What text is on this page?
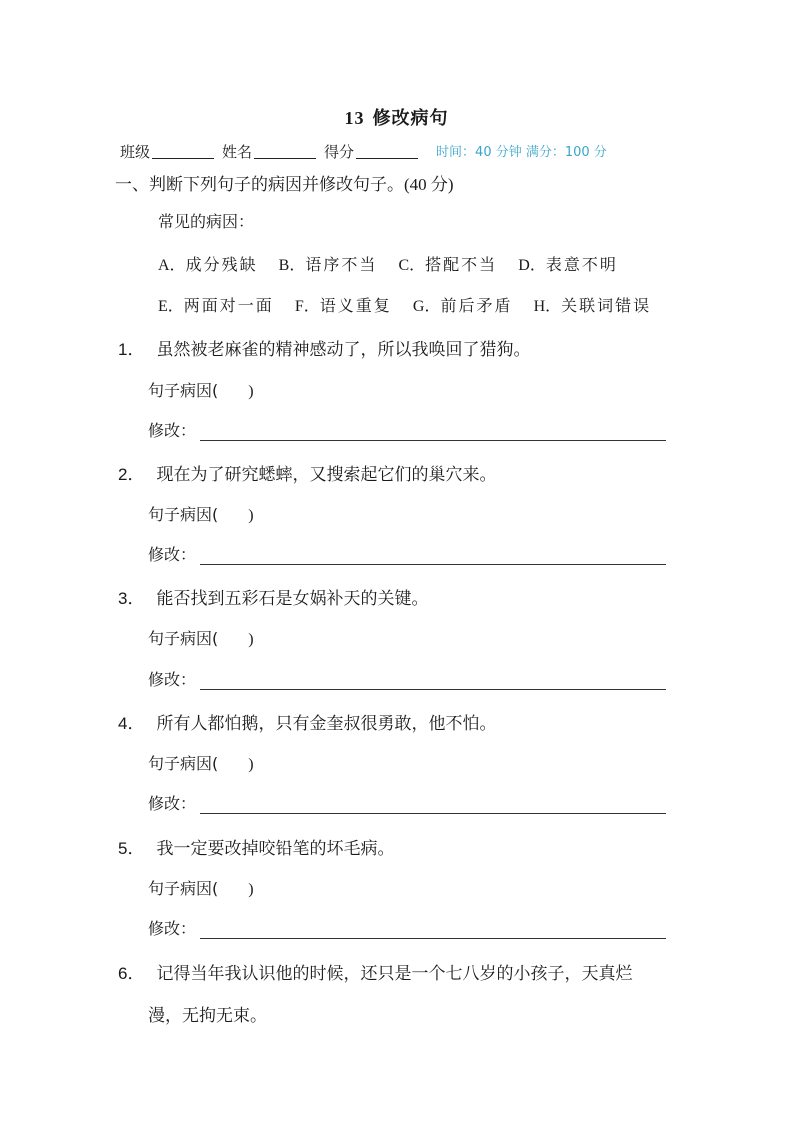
13 修改病句
班级	姓名	得分	时间：40 分钟 满分：100 分
一、判断下列句子的病因并修改句子。(40 分)
常见的病因：
A．成分残缺 B．语序不当 C．搭配不当 D．表意不明
E．两面对一面 F．语义重复 G．前后矛盾 H．关联词错误
1． 虽然被老麻雀的精神感动了，所以我唤回了猎狗。
句子病因( )
修改：
2． 现在为了研究蟋蟀，又搜索起它们的巢穴来。
句子病因( )
修改：
3． 能否找到五彩石是女娲补天的关键。
句子病因( )
修改：
4． 所有人都怕鹅，只有金奎叔很勇敢，他不怕。
句子病因( )
修改：
5． 我一定要改掉咬铅笔的坏毛病。
句子病因( )
修改：
6． 记得当年我认识他的时候，还只是一个七八岁的小孩子，天真烂
漫，无拘无束。
